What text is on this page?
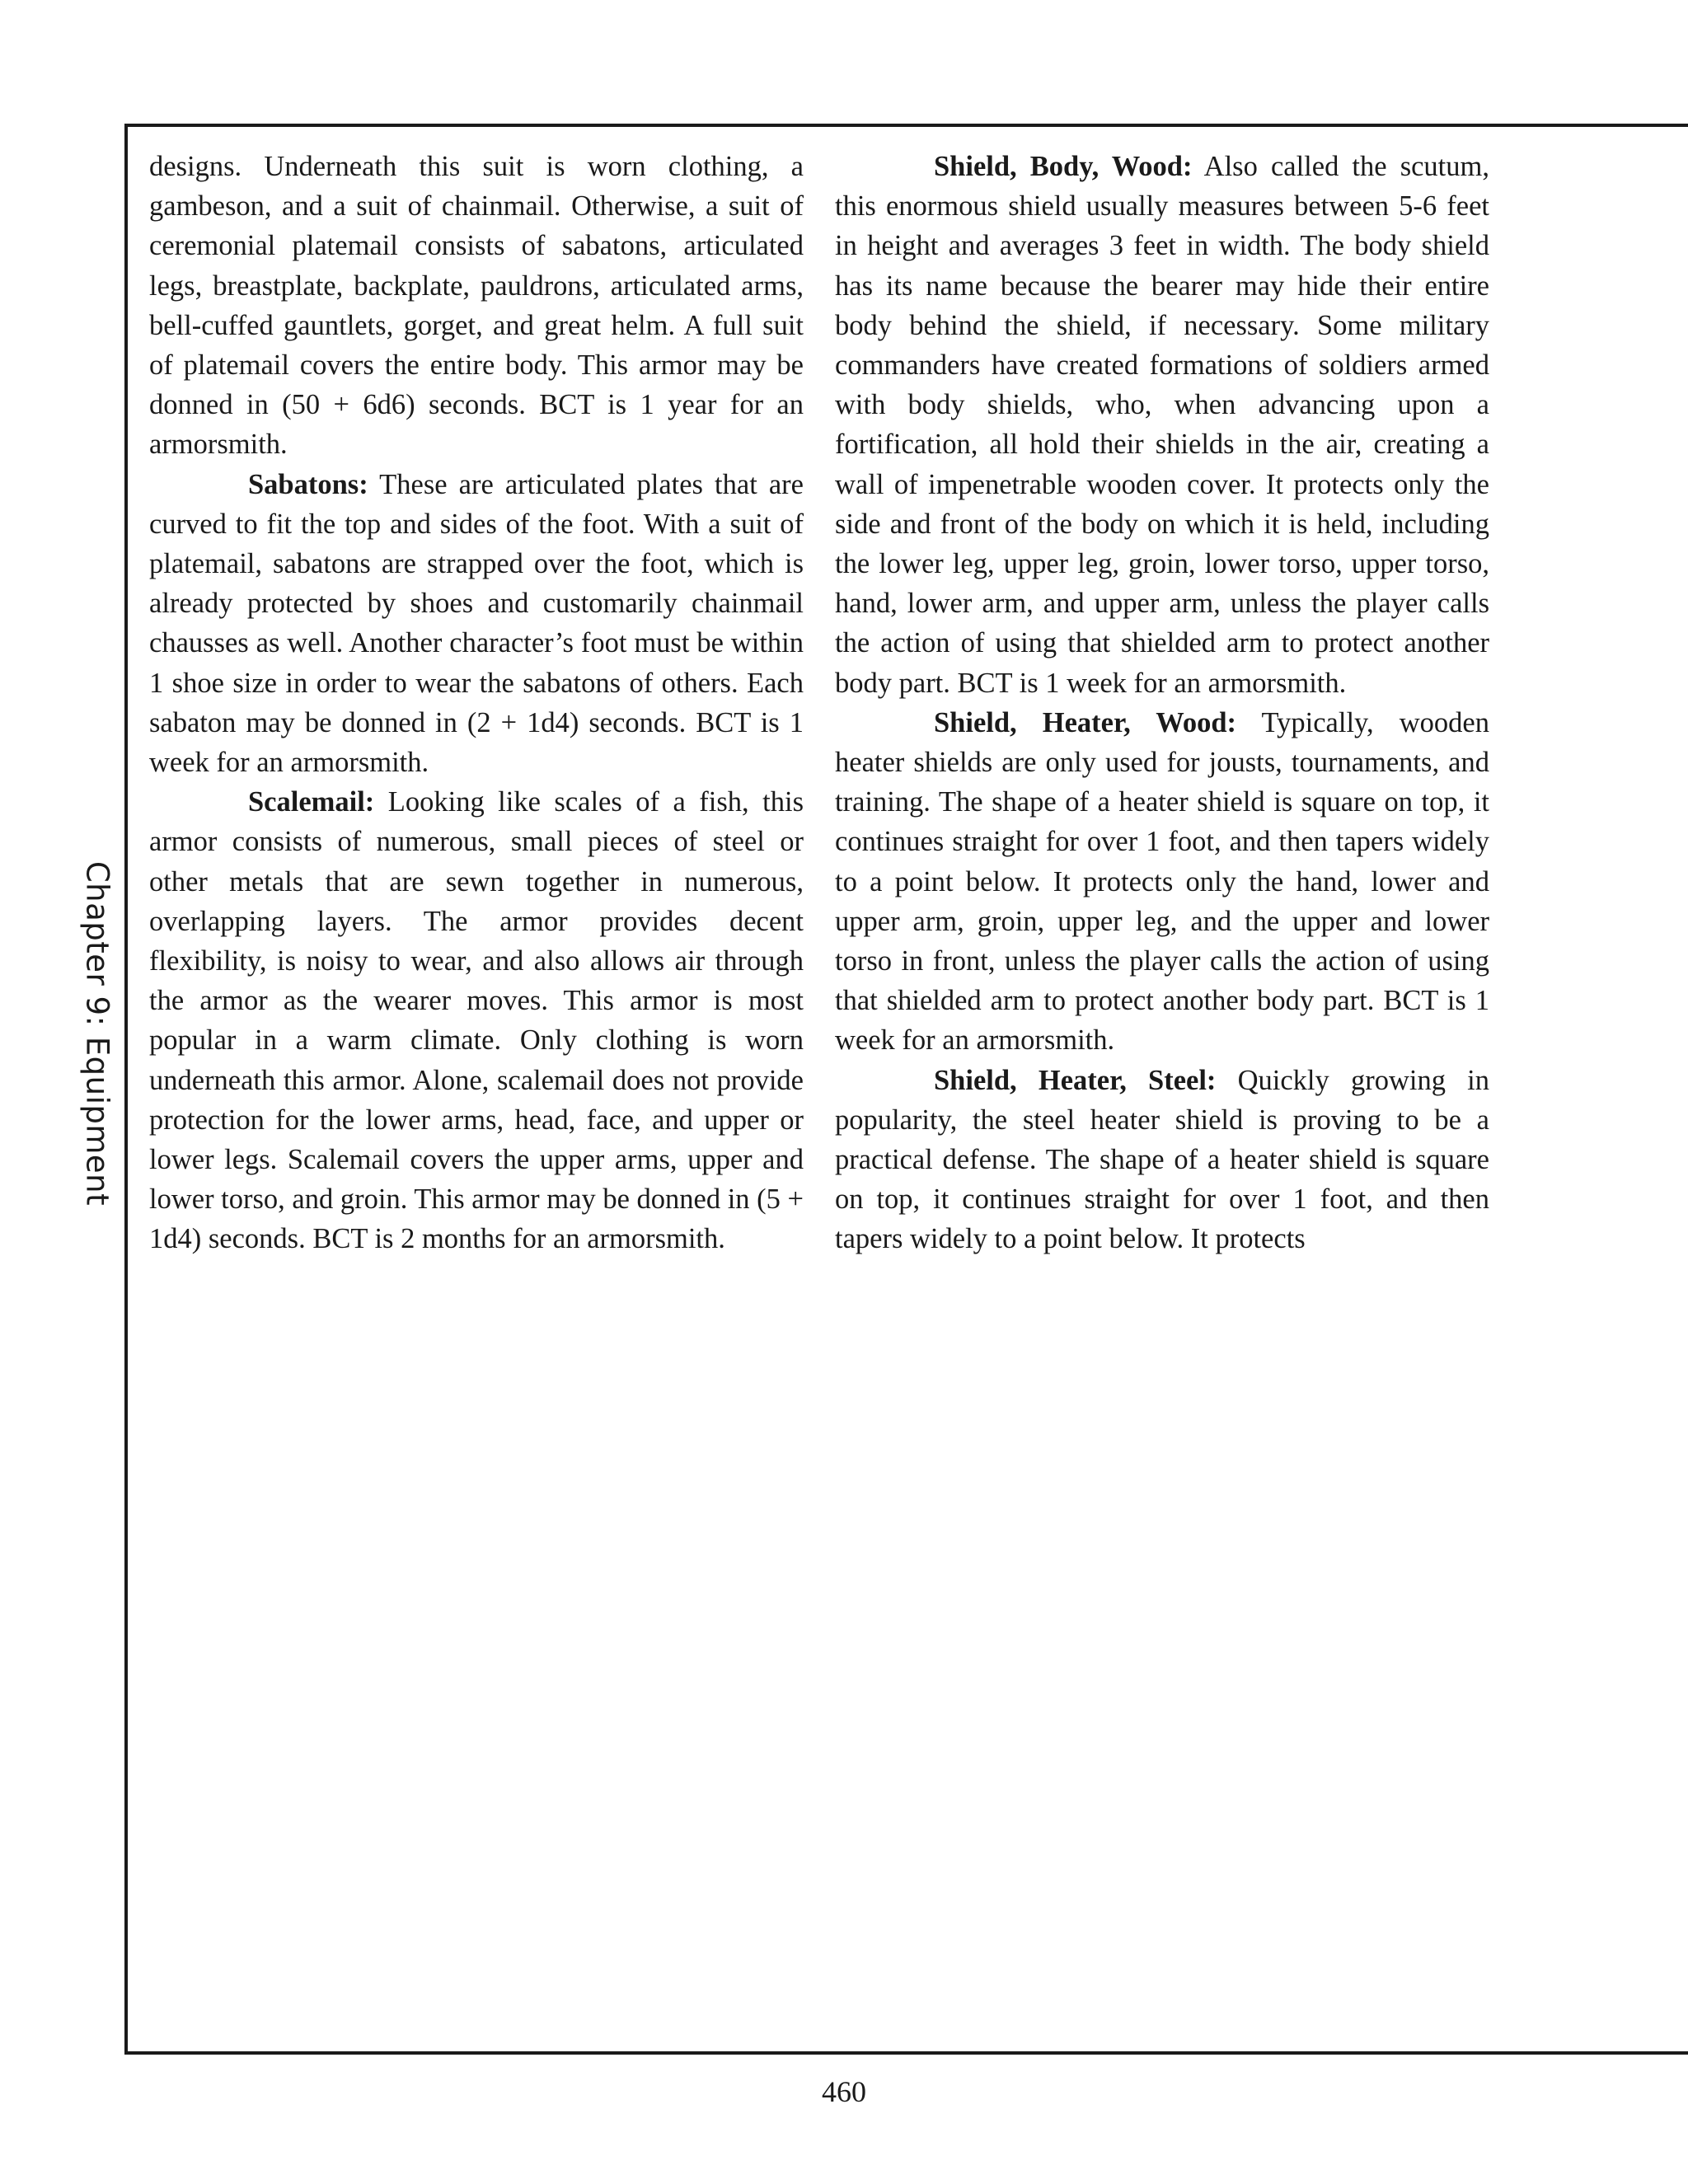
Chapter 9: Equipment

designs. Underneath this suit is worn clothing, a gambeson, and a suit of chainmail. Otherwise, a suit of ceremonial platemail consists of sabatons, articulated legs, breastplate, backplate, pauldrons, articulated arms, bell-cuffed gauntlets, gorget, and great helm. A full suit of platemail covers the entire body. This armor may be donned in (50 + 6d6) seconds. BCT is 1 year for an armorsmith.

Sabatons: These are articulated plates that are curved to fit the top and sides of the foot. With a suit of platemail, sabatons are strapped over the foot, which is already protected by shoes and customarily chainmail chausses as well. Another character’s foot must be within 1 shoe size in order to wear the sabatons of others. Each sabaton may be donned in (2 + 1d4) seconds. BCT is 1 week for an armorsmith.

Scalemail: Looking like scales of a fish, this armor consists of numerous, small pieces of steel or other metals that are sewn together in numerous, overlapping layers. The armor provides decent flexibility, is noisy to wear, and also allows air through the armor as the wearer moves. This armor is most popular in a warm climate. Only clothing is worn underneath this armor. Alone, scalemail does not provide protection for the lower arms, head, face, and upper or lower legs. Scalemail covers the upper arms, upper and lower torso, and groin. This armor may be donned in (5 + 1d4) seconds. BCT is 2 months for an armorsmith.

Shield, Body, Wood: Also called the scutum, this enormous shield usually measures between 5-6 feet in height and averages 3 feet in width. The body shield has its name because the bearer may hide their entire body behind the shield, if necessary. Some military commanders have created formations of soldiers armed with body shields, who, when advancing upon a fortification, all hold their shields in the air, creating a wall of impenetrable wooden cover. It protects only the side and front of the body on which it is held, including the lower leg, upper leg, groin, lower torso, upper torso, hand, lower arm, and upper arm, unless the player calls the action of using that shielded arm to protect another body part. BCT is 1 week for an armorsmith.

Shield, Heater, Wood: Typically, wooden heater shields are only used for jousts, tournaments, and training. The shape of a heater shield is square on top, it continues straight for over 1 foot, and then tapers widely to a point below. It protects only the hand, lower and upper arm, groin, upper leg, and the upper and lower torso in front, unless the player calls the action of using that shielded arm to protect another body part. BCT is 1 week for an armorsmith.

Shield, Heater, Steel: Quickly growing in popularity, the steel heater shield is proving to be a practical defense. The shape of a heater shield is square on top, it continues straight for over 1 foot, and then tapers widely to a point below. It protects

460
